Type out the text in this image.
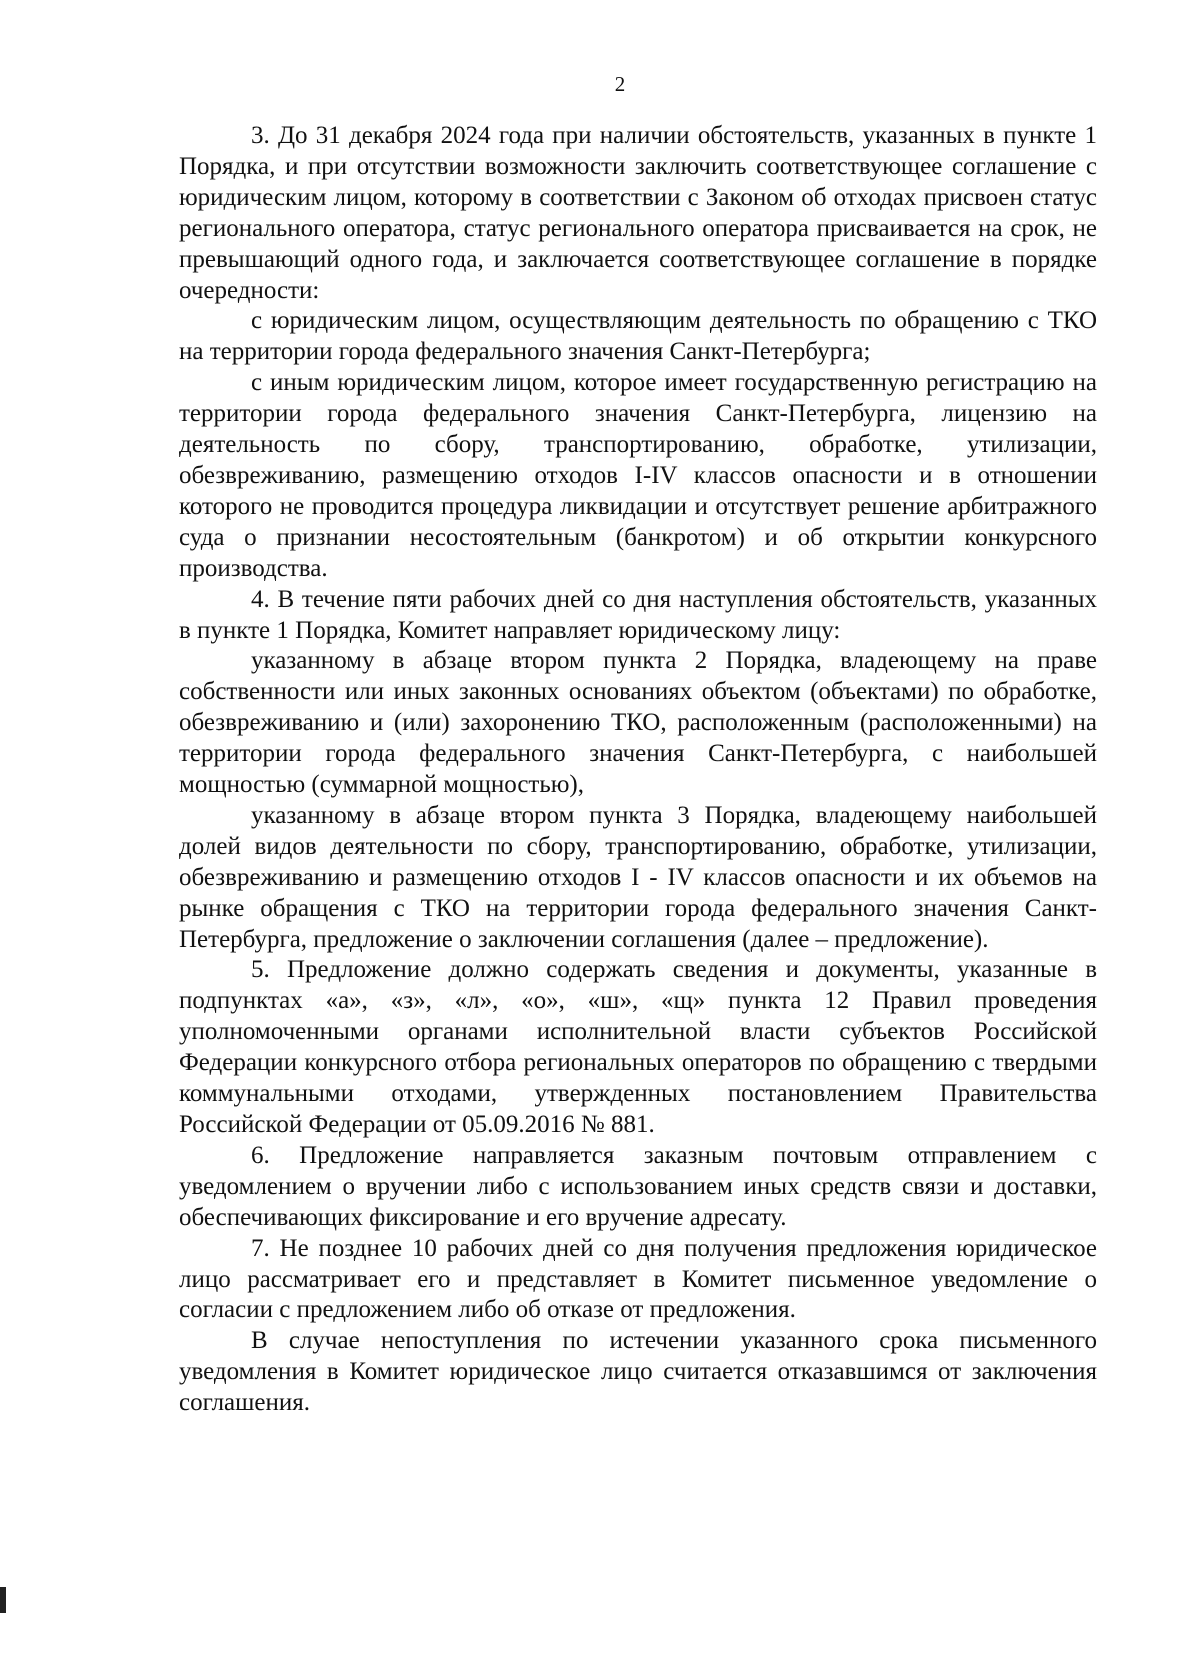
2

3. До 31 декабря 2024 года при наличии обстоятельств, указанных в пункте 1 Порядка, и при отсутствии возможности заключить соответствующее соглашение с юридическим лицом, которому в соответствии с Законом об отходах присвоен статус регионального оператора, статус регионального оператора присваивается на срок, не превышающий одного года, и заключается соответствующее соглашение в порядке очередности:

с юридическим лицом, осуществляющим деятельность по обращению с ТКО на территории города федерального значения Санкт-Петербурга;

с иным юридическим лицом, которое имеет государственную регистрацию на территории города федерального значения Санкт-Петербурга, лицензию на деятельность по сбору, транспортированию, обработке, утилизации, обезвреживанию, размещению отходов I-IV классов опасности и в отношении которого не проводится процедура ликвидации и отсутствует решение арбитражного суда о признании несостоятельным (банкротом) и об открытии конкурсного производства.

4. В течение пяти рабочих дней со дня наступления обстоятельств, указанных в пункте 1 Порядка, Комитет направляет юридическому лицу:

указанному в абзаце втором пункта 2 Порядка, владеющему на праве собственности или иных законных основаниях объектом (объектами) по обработке, обезвреживанию и (или) захоронению ТКО, расположенным (расположенными) на территории города федерального значения Санкт-Петербурга, с наибольшей мощностью (суммарной мощностью),

указанному в абзаце втором пункта 3 Порядка, владеющему наибольшей долей видов деятельности по сбору, транспортированию, обработке, утилизации, обезвреживанию и размещению отходов I - IV классов опасности и их объемов на рынке обращения с ТКО на территории города федерального значения Санкт-Петербурга, предложение о заключении соглашения (далее – предложение).

5. Предложение должно содержать сведения и документы, указанные в подпунктах «а», «з», «л», «о», «ш», «щ» пункта 12 Правил проведения уполномоченными органами исполнительной власти субъектов Российской Федерации конкурсного отбора региональных операторов по обращению с твердыми коммунальными отходами, утвержденных постановлением Правительства Российской Федерации от 05.09.2016 № 881.

6. Предложение направляется заказным почтовым отправлением с уведомлением о вручении либо с использованием иных средств связи и доставки, обеспечивающих фиксирование и его вручение адресату.

7. Не позднее 10 рабочих дней со дня получения предложения юридическое лицо рассматривает его и представляет в Комитет письменное уведомление о согласии с предложением либо об отказе от предложения.

В случае непоступления по истечении указанного срока письменного уведомления в Комитет юридическое лицо считается отказавшимся от заключения соглашения.
